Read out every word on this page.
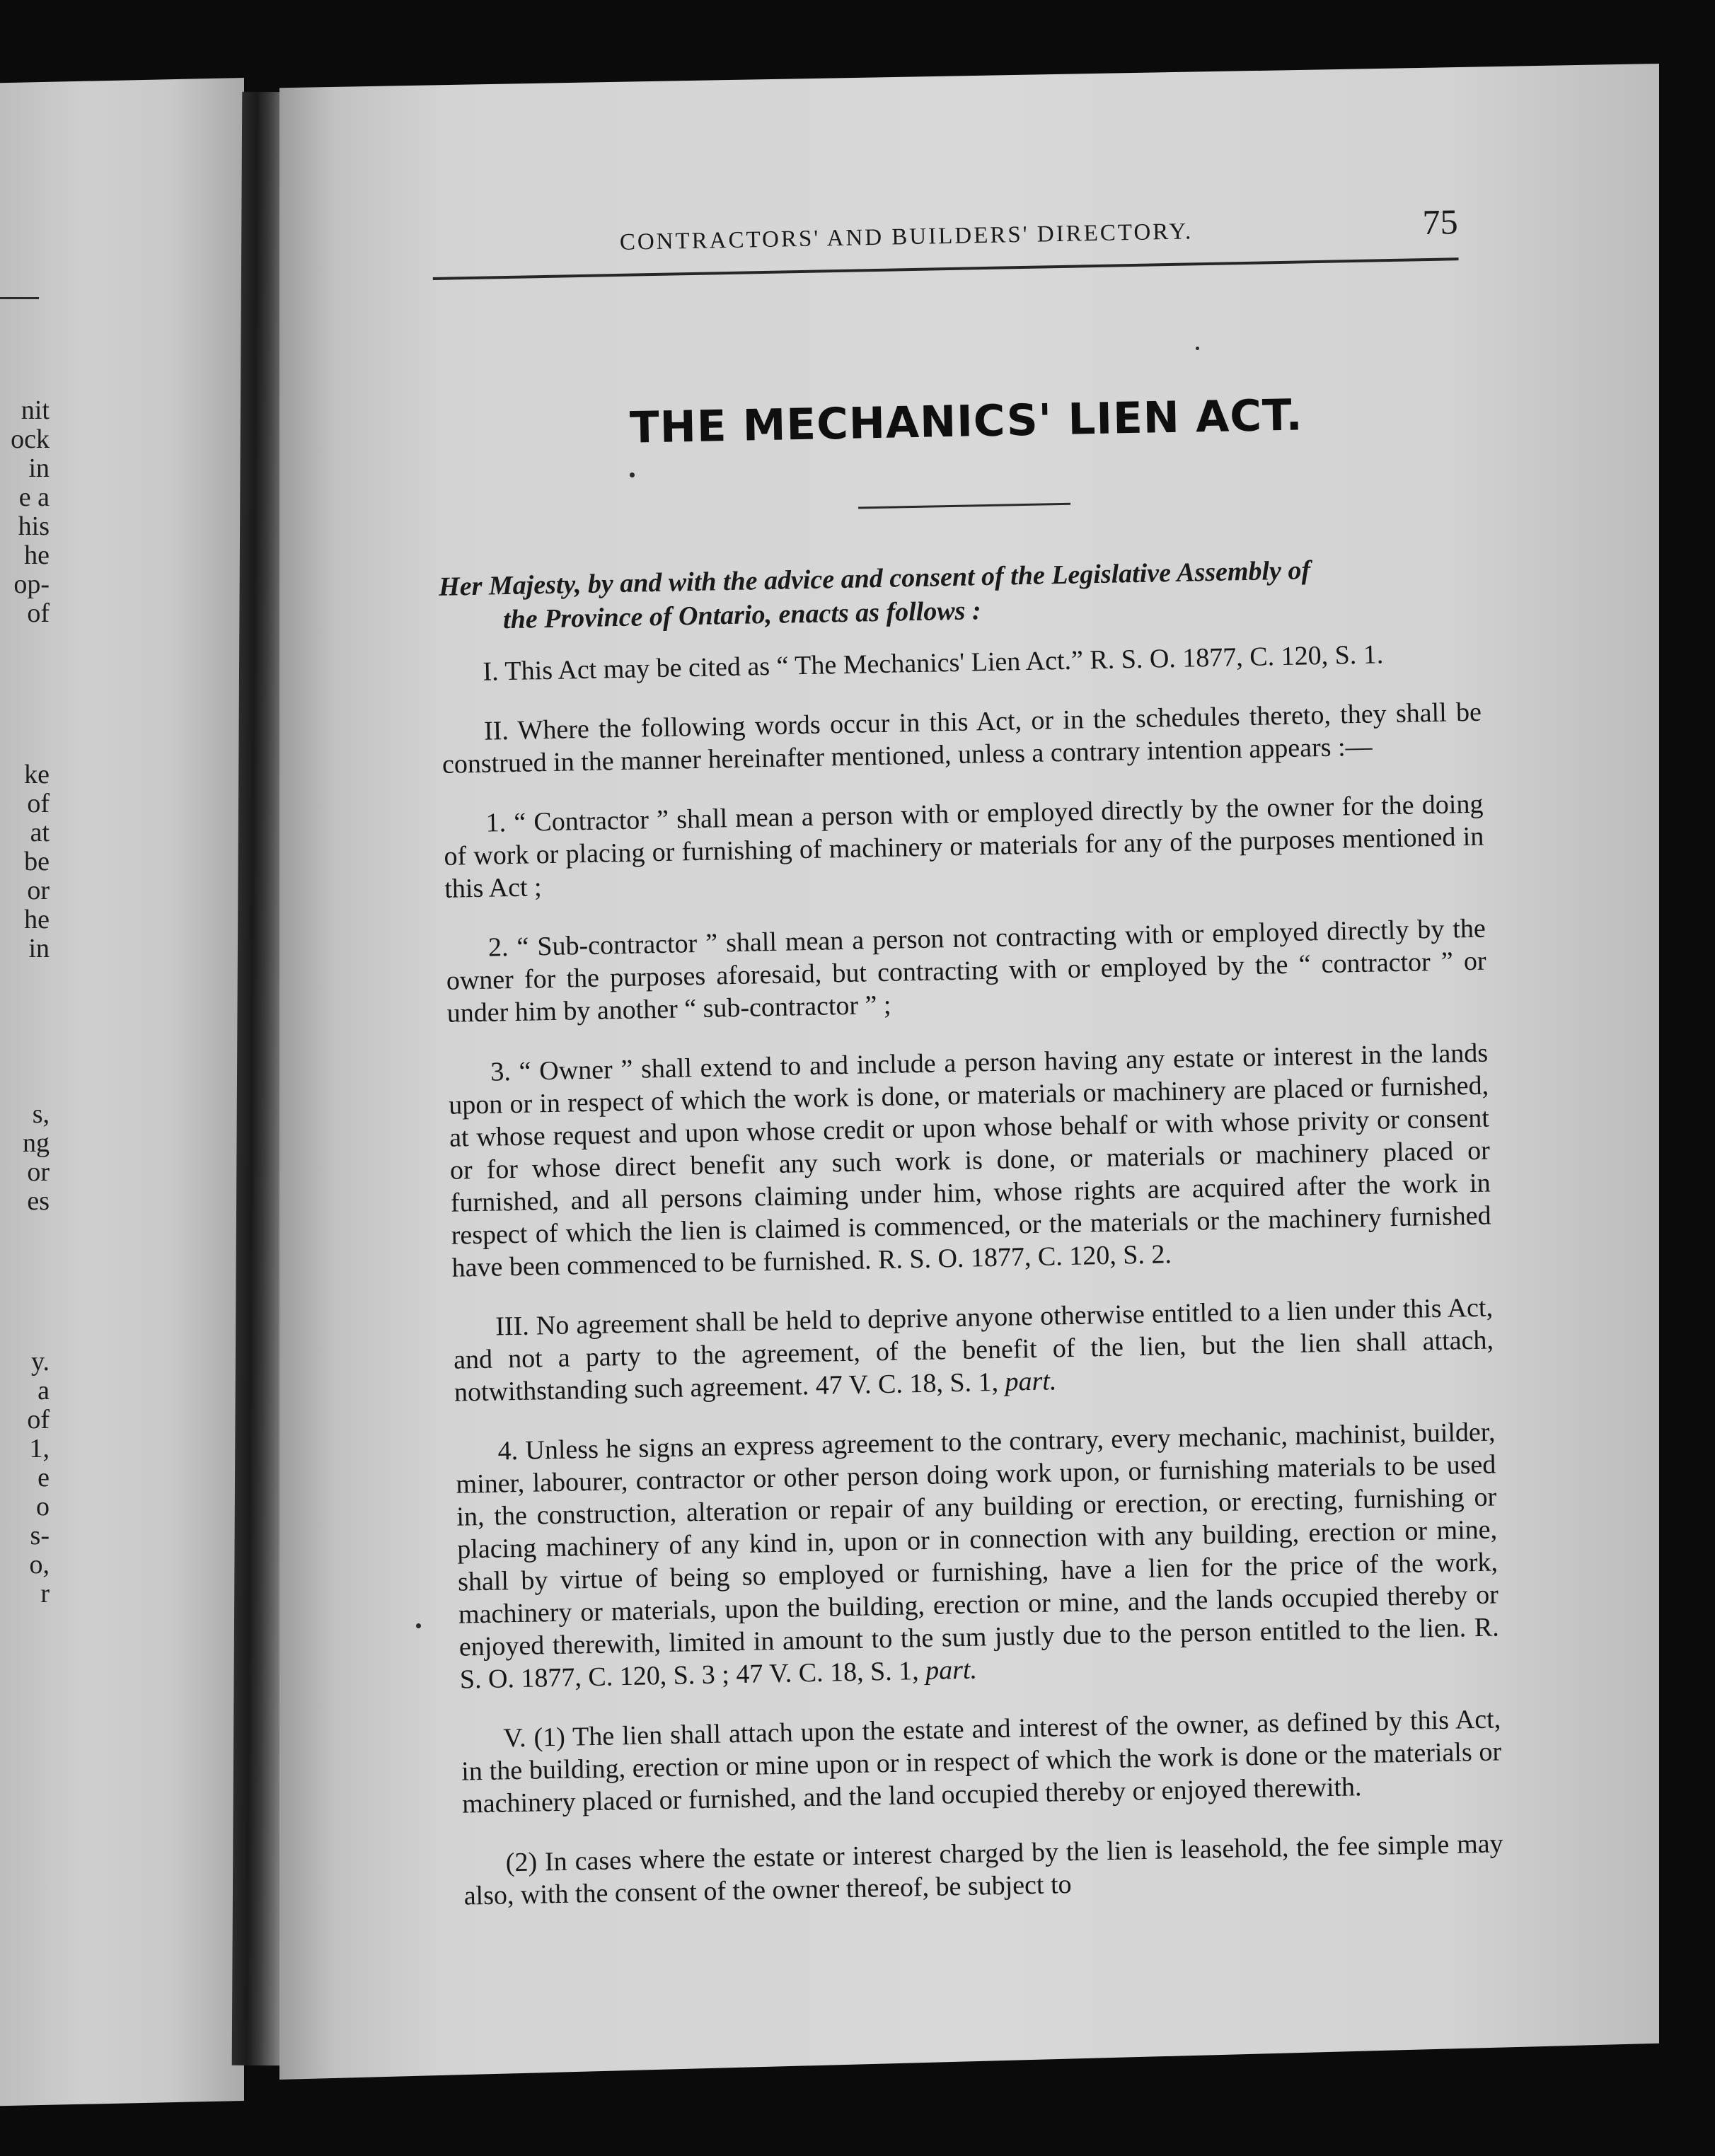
nit
ock
in
e a
his
he
op-
of
ke
of
at
be
or
he
in
s,
ng
or
es
y.
a
of
1,
e
o
s-
o,
r
CONTRACTORS' AND BUILDERS' DIRECTORY.	75
THE MECHANICS' LIEN ACT.
Her Majesty, by and with the advice and consent of the Legislative Assembly of
the Province of Ontario, enacts as follows :

I. This Act may be cited as “ The Mechanics' Lien Act.” R. S. O. 1877, C. 120, S. 1.

II. Where the following words occur in this Act, or in the schedules thereto, they shall be construed in the manner hereinafter mentioned, unless a contrary intention appears :—

1. “ Contractor ” shall mean a person with or employed directly by the owner for the doing of work or placing or furnishing of machinery or materials for any of the purposes mentioned in this Act ;

2. “ Sub-contractor ” shall mean a person not contracting with or employed directly by the owner for the purposes aforesaid, but contracting with or employed by the “ contractor ” or under him by another “ sub-contractor ” ;

3. “ Owner ” shall extend to and include a person having any estate or interest in the lands upon or in respect of which the work is done, or materials or machinery are placed or furnished, at whose request and upon whose credit or upon whose behalf or with whose privity or consent or for whose direct benefit any such work is done, or materials or machinery placed or furnished, and all persons claiming under him, whose rights are acquired after the work in respect of which the lien is claimed is commenced, or the materials or the machinery furnished have been commenced to be furnished. R. S. O. 1877, C. 120, S. 2.

III. No agreement shall be held to deprive anyone otherwise entitled to a lien under this Act, and not a party to the agreement, of the benefit of the lien, but the lien shall attach, notwithstanding such agreement. 47 V. C. 18, S. 1, part.

4. Unless he signs an express agreement to the contrary, every mechanic, machinist, builder, miner, labourer, contractor or other person doing work upon, or furnishing materials to be used in, the construction, alteration or repair of any building or erection, or erecting, furnishing or placing machinery of any kind in, upon or in connection with any building, erection or mine, shall by virtue of being so employed or furnishing, have a lien for the price of the work, machinery or materials, upon the building, erection or mine, and the lands occupied thereby or enjoyed therewith, limited in amount to the sum justly due to the person entitled to the lien. R. S. O. 1877, C. 120, S. 3 ; 47 V. C. 18, S. 1, part.

V. (1) The lien shall attach upon the estate and interest of the owner, as defined by this Act, in the building, erection or mine upon or in respect of which the work is done or the materials or machinery placed or furnished, and the land occupied thereby or enjoyed therewith.

(2) In cases where the estate or interest charged by the lien is leasehold, the fee simple may also, with the consent of the owner thereof, be subject to
